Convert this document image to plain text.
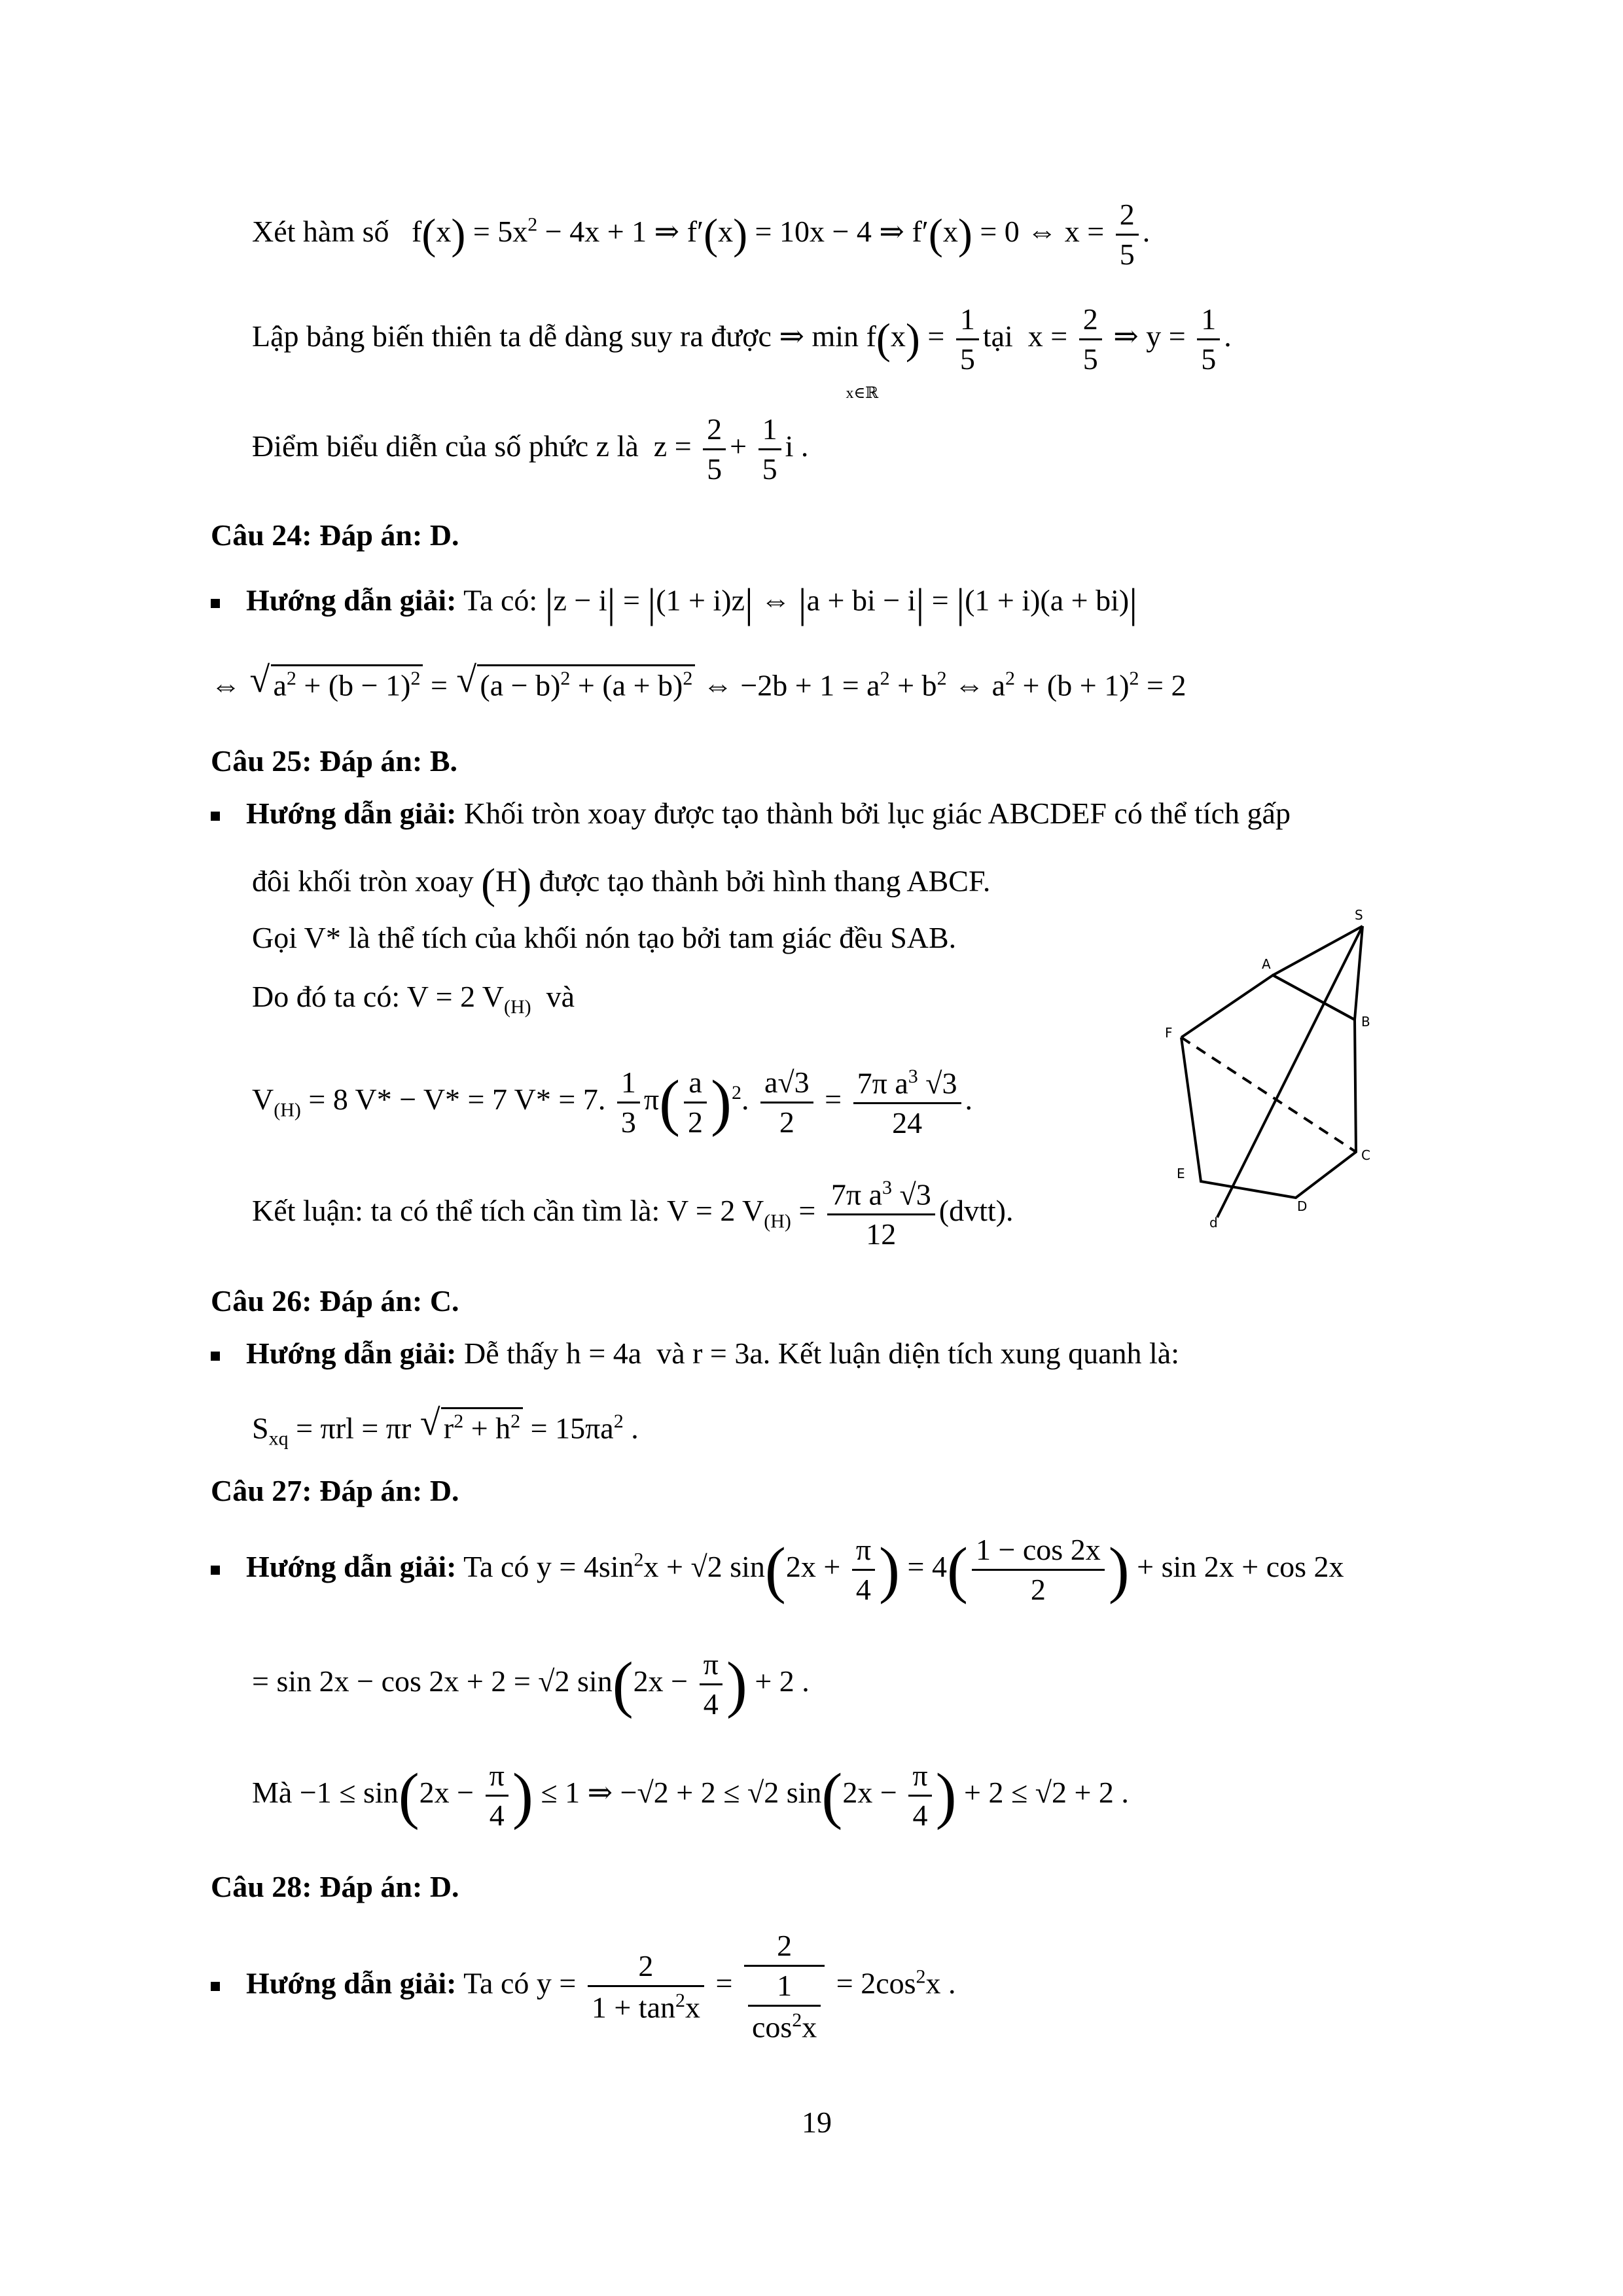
Xét hàm số   $f(x) = 5x^2 - 4x + 1$ ⇒ f′(x) = 10x − 4 ⇒ f′(x) = 0 ⇔ $x = \frac{2}{5}$ .
Lập bảng biến thiên ta dễ dàng suy ra được ⇒ min
x∈ℝ
$f(x) = \frac{1}{5}$ tại  $x = \frac{2}{5}$ ⇒ $y = \frac{1}{5}$ .
Điểm biểu diễn của số phức z là  $z = \frac{2}{5} + \frac{1}{5}$ i .
Câu 24: Đáp án: D.
Hướng dẫn giải: Ta có: |z − i| = |(1 + i)z| ⇔ |a + bi − i| = |(1 + i)(a + bi)|
⇔ √ $a^2 + (b - 1)^2$ = √ $(a - b)^2 + (a + b)^2$ ⇔ $-2b + 1 = a^2 + b^2$ ⇔ $a^2 + (b + 1)^2 = 2$
Câu 25: Đáp án: B.
Hướng dẫn giải: Khối tròn xoay được tạo thành bởi lục giác ABCDEF có thể tích gấp
đôi khối tròn xoay (H) được tạo thành bởi hình thang ABCF.
Gọi V* là thể tích của khối nón tạo bởi tam giác đều SAB.
Do đó ta có: V = 2 $V_{(H)}$ và
$V_{(H)} = 8$ V* − V* = 7 V* = 7. $\frac{1}{3} \pi( \frac{a}{2} )^2$. $\frac{a√3}{2} = \frac{7\pi a^3 √3}{24}$ .
Kết luận: ta có thể tích cần tìm là: V = 2 $V_{(H)} = \frac{7\pi a^3 √3}{12}$ (dvtt).
S
A
B
F
E
C
D
d
Câu 26: Đáp án: C.
Hướng dẫn giải: Dễ thấy h = 4a  và r = 3a. Kết luận diện tích xung quanh là:
$S_{xq} = \pi rl = \pi r$ √ $r^2 + h^2 = 15\pi a^2$ .
Câu 27: Đáp án: D.
Hướng dẫn giải: Ta có $y = 4\sin^2x + √2$ $\sin(2x + \frac{\pi}{4}$ ) = $4( \frac{1 - \cos 2x}{2}$ ) + sin 2x + cos 2x
= sin 2x − cos 2x + 2 = √2 $\sin(2x - \frac{\pi}{4}$ ) + 2 .
Mà $-1 \le \sin(2x - \frac{\pi}{4}$ ) ≤ 1 ⇒ −√2 + 2 ≤ √2 $\sin(2x - \frac{\pi}{4}$ ) + 2 ≤ √2 + 2 .
Câu 28: Đáp án: D.
Hướng dẫn giải: Ta có $y = \frac{2}{1 + \tan^2x} = \frac{2}{\frac{1}{\cos^2x}} = 2\cos^2x$ .
19
